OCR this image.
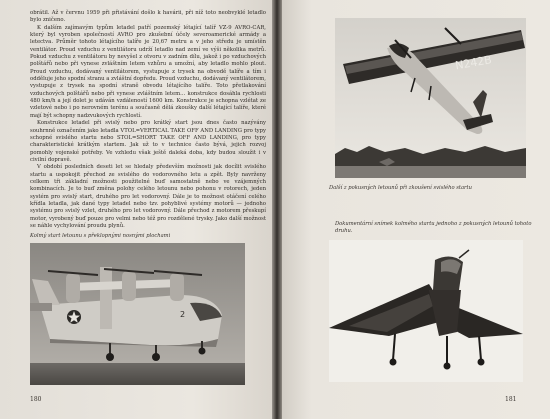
obrátil. Až v červnu 1959 při přistávání došlo k havárii, při níž toto neobvyklé letadlo bylo zničeno.

K dalším zajímavým typům letadel patří pozemský létající talíř VZ-9 AVRO-CAR, který byl vyroben společností AVRO pro zkušební účely severoamerické armády a letectva. Průměr tohoto létajícího talíře je 20,67 metru a v jeho středu je umístěn ventilátor. Proud vzduchu z ventilátoru udrží letadlo nad zemí ve výši několika metrů. Pokud vzduchu z ventilátoru by nevyšel z otvoru v zadním dílu, jakož i po vzduchových polštářů nebo při vynese zvláštním letem vzhůru a umožní, aby letadlo mohlo plout. Proud vzduchu, dodávaný ventilátorem, vystupuje z trysek na obvodě talíře a tím i odděluje jeho spodní stranu a zvláštní dopředu. Proud vzduchu, dodávaný ventilátorem, vystupuje z trysek na spodní straně obvodu létajícího talíře. Toto přetlakování vzduchových polštářů nebo při vynese zvláštním letem... konstrukce dosáhla rychlosti 480 km/h a její dolet je udáván vzdáleností 1600 km. Konstrukce je schopna vzlétat ze vzletové nebo i po nerovném terénu a současně dělá zkoušky další létající talíře, které mají být schopny nadzvukových rychlostí.

Konstrukce letadel při svislý nebo pro krátký start jsou dnes často nazývány souhrnně označením jako letadla VTOL=VERTICAL TAKE OFF AND LANDING pro typy schopné svislého startu nebo STOL=SHORT TAKE OFF AND LANDING, pro typy charakteristické krátkým startem. Jak už to v technice často bývá, jejich rozvoj pomohly vojenské potřeby. Ve vzhledu však ještě daleká doba, kdy budou sloužit i v civilní dopravě.

V období posledních deseti let se hledaly především možnosti jak docílit svislého startu a uspokojit přechod ze svislého do vodorovného letu a zpět. Byly navrženy celkem tři základní možnosti použitelné buď samostatně nebo ve vzájemných kombinacích. Je to buď změna polohy celého letounu nebo pohonu v rotorech, jeden systém pro svislý start, druhého pro let vodorovný. Dále je to možnost otáčení celého křídla letadla, jak dané typy letadel nebo tzv. pohyblivé systémy motorů — jednoho systému pro svislý vzlet, druhého pro let vodorovný. Dále přechod z motorem přeskupí motor, vyrobený buď pouze pro velmi nebo též pro rozdělené trysky. Jako další možnost se náhle vychylování proudu plynů.

Kolmý start letounu s překlopnými nosnými plochami
2
180
N242B
Další z pokusných letounů při zkoušení svislého startu
Dokumentární snímek kolmého startu jednoho z pokusných letounů tohoto druhu.
181
